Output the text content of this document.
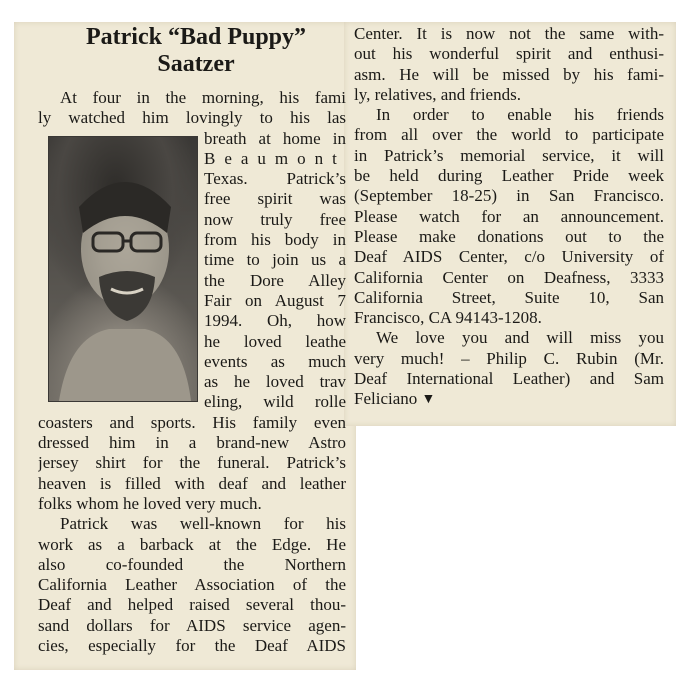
Patrick “Bad Puppy”
Saatzer
At four in the morning, his fami
ly watched him lovingly to his las
breath at home in
Beaumont
Texas. Patrick’s
free spirit was
now truly free
from his body in
time to join us a
the Dore Alley
Fair on August 7
1994. Oh, how
he loved leathe
events as much
as he loved trav
eling, wild rolle
coasters and sports. His family even
dressed him in a brand-new Astro
jersey shirt for the funeral. Patrick’s
heaven is filled with deaf and leather
folks whom he loved very much.
Patrick was well-known for his
work as a barback at the Edge. He
also co-founded the Northern
California Leather Association of the
Deaf and helped raised several thou-
sand dollars for AIDS service agen-
cies, especially for the Deaf AIDS
Center. It is now not the same with-
out his wonderful spirit and enthusi-
asm. He will be missed by his fami-
ly, relatives, and friends.
In order to enable his friends
from all over the world to participate
in Patrick’s memorial service, it will
be held during Leather Pride week
(September 18-25) in San Francisco.
Please watch for an announcement.
Please make donations out to the
Deaf AIDS Center, c/o University of
California Center on Deafness, 3333
California Street, Suite 10, San
Francisco, CA 94143-1208.
We love you and will miss you
very much! – Philip C. Rubin (Mr.
Deaf International Leather) and Sam
Feliciano ▼
